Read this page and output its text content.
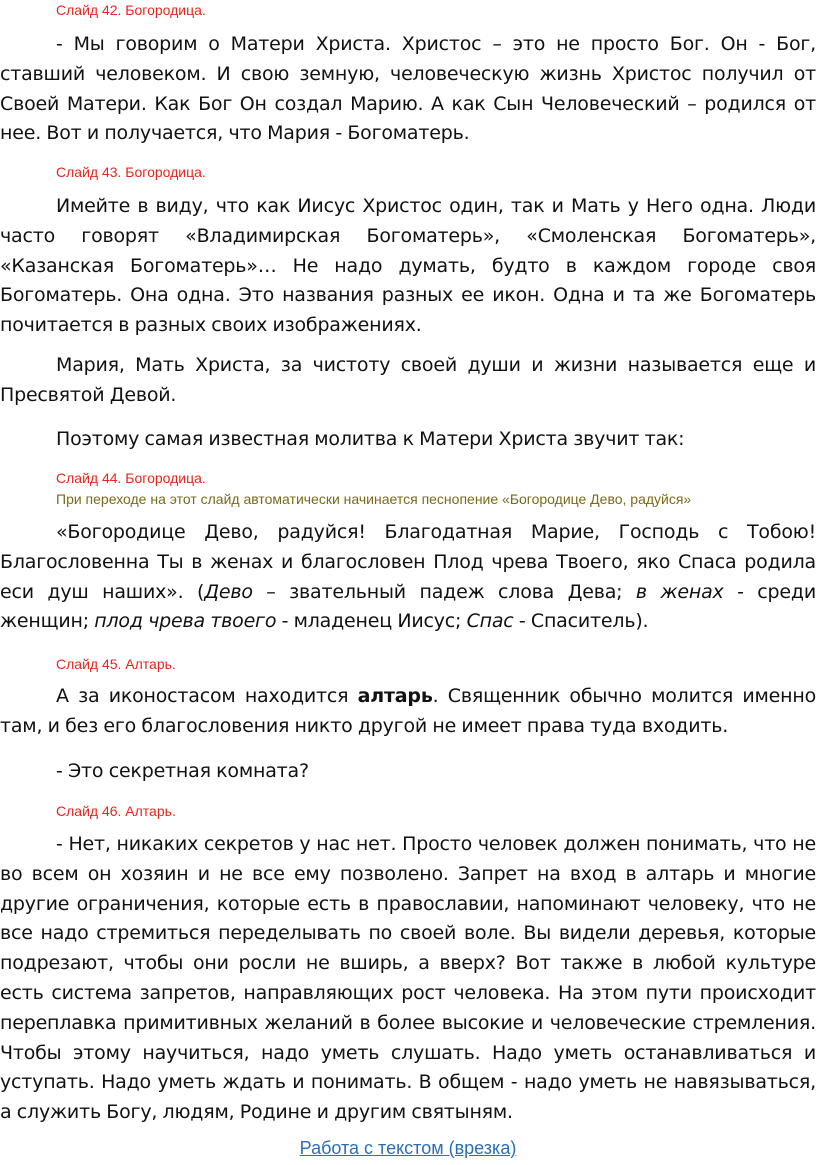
Слайд 42. Богородица.

- Мы говорим о Матери Христа. Христос – это не просто Бог. Он - Бог,
ставший человеком. И свою земную, человеческую жизнь Христос получил от
Своей Матери. Как Бог Он создал Марию. А как Сын Человеческий – родился от
нее. Вот и получается, что Мария - Богоматерь.

Слайд 43. Богородица.

Имейте в виду, что как Иисус Христос один, так и Мать у Него одна. Люди
часто говорят «Владимирская Богоматерь», «Смоленская Богоматерь»,
«Казанская Богоматерь»… Не надо думать, будто в каждом городе своя
Богоматерь. Она одна. Это названия разных ее икон. Одна и та же Богоматерь
почитается в разных своих изображениях.
Мария, Мать Христа, за чистоту своей души и жизни называется еще и
Пресвятой Девой.
Поэтому самая известная молитва к Матери Христа звучит так:

Слайд 44. Богородица.

При переходе на этот слайд автоматически начинается песнопение «Богородице Дево, радуйся»

«Богородице Дево, радуйся! Благодатная Марие, Господь с Тобою!
Благословенна Ты в женах и благословен Плод чрева Твоего, яко Спаса родила
еси душ наших». (Дево – звательный падеж слова Дева; в женах - среди
женщин; плод чрева твоего - младенец Иисус; Спас - Спаситель).

Слайд 45. Алтарь.

А за иконостасом находится алтарь. Священник обычно молится именно
там, и без его благословения никто другой не имеет права туда входить.
- Это секретная комната?

Слайд 46. Алтарь.

- Нет, никаких секретов у нас нет. Просто человек должен понимать, что не
во всем он хозяин и не все ему позволено. Запрет на вход в алтарь и многие
другие ограничения, которые есть в православии, напоминают человеку, что не
все надо стремиться переделывать по своей воле. Вы видели деревья, которые
подрезают, чтобы они росли не вширь, а вверх? Вот также в любой культуре
есть система запретов, направляющих рост человека. На этом пути происходит
переплавка примитивных желаний в более высокие и человеческие стремления.
Чтобы этому научиться, надо уметь слушать. Надо уметь останавливаться и
уступать. Надо уметь ждать и понимать. В общем - надо уметь не навязываться,
а служить Богу, людям, Родине и другим святыням.
Работа с текстом (врезка)
